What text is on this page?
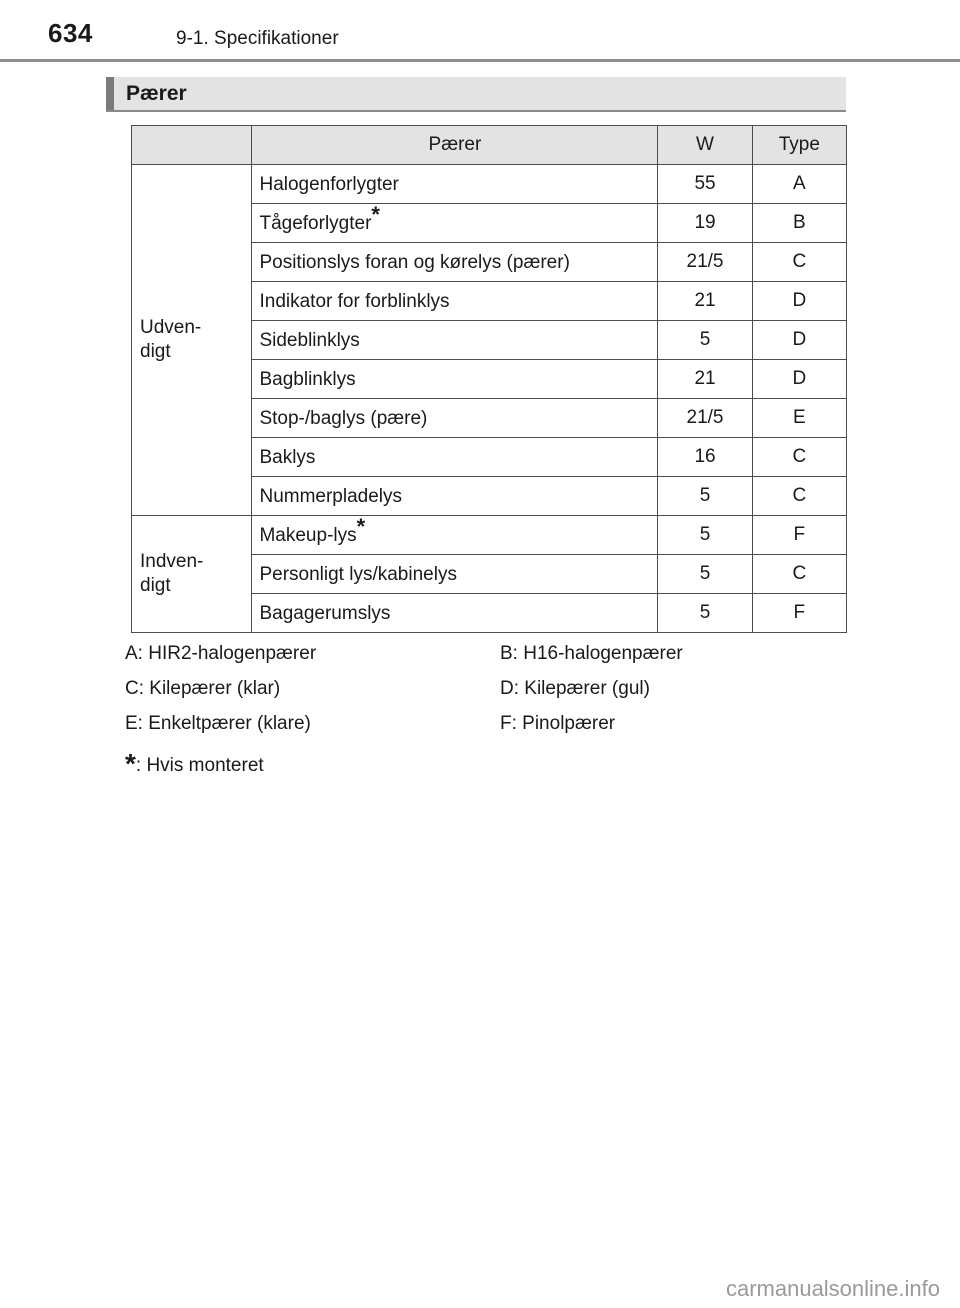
634	9-1. Specifikationer
Pærer
	Pærer	W	Type
Udven-
digt	Halogenforlygter	55	A
	Tågeforlygter*	19	B
	Positionslys foran og kørelys (pærer)	21/5	C
	Indikator for forblinklys	21	D
	Sideblinklys	5	D
	Bagblinklys	21	D
	Stop-/baglys (pære)	21/5	E
	Baklys	16	C
	Nummerpladelys	5	C
Indven-
digt	Makeup-lys*	5	F
	Personligt lys/kabinelys	5	C
	Bagagerumslys	5	F
A: HIR2-halogenpærer	B: H16-halogenpærer
C: Kilepærer (klar)	D: Kilepærer (gul)
E: Enkeltpærer (klare)	F: Pinolpærer
*: Hvis monteret
carmanualsonline.info
